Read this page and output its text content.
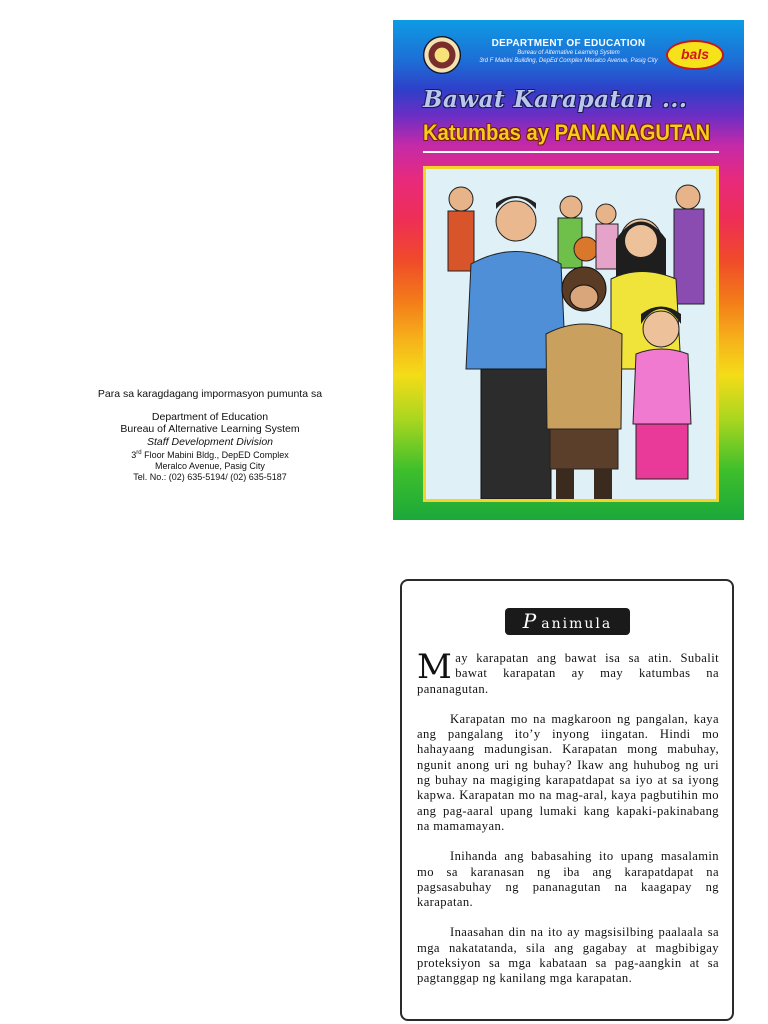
Para sa karagdagang impormasyon pumunta sa
Department of Education
Bureau of Alternative Learning System
Staff Development Division
3rd Floor Mabini Bldg., DepED Complex
Meralco Avenue, Pasig City
Tel. No.: (02) 635-5194/ (02) 635-5187
DEPARTMENT OF EDUCATION
Bureau of Alternative Learning System
3rd F Mabini Building, DepEd Complex Meralco Avenue, Pasig City	bals
Bawat Karapatan ...
Katumbas ay PANANAGUTAN
P animula

May karapatan ang bawat isa sa atin. Subalit bawat karapatan ay may katumbas na pananagutan.

Karapatan mo na magkaroon ng pangalan, kaya ang pangalang ito’y inyong iingatan. Hindi mo hahayaang madungisan. Karapatan mong mabuhay, ngunit anong uri ng buhay? Ikaw ang huhubog ng uri ng buhay na magiging karapatdapat sa iyo at sa iyong kapwa. Karapatan mo na mag-aral, kaya pagbutihin mo ang pag-aaral upang lumaki kang kapaki-pakinabang na mamamayan.

Inihanda ang babasahing ito upang masalamin mo sa karanasan ng iba ang karapatdapat na pagsasabuhay ng pananagutan na kaagapay ng karapatan.

Inaasahan din na ito ay magsisilbing paalaala sa mga nakatatanda, sila ang gagabay at magbibigay proteksiyon sa mga kabataan sa pag-aangkin at sa pagtanggap ng kanilang mga karapatan.
